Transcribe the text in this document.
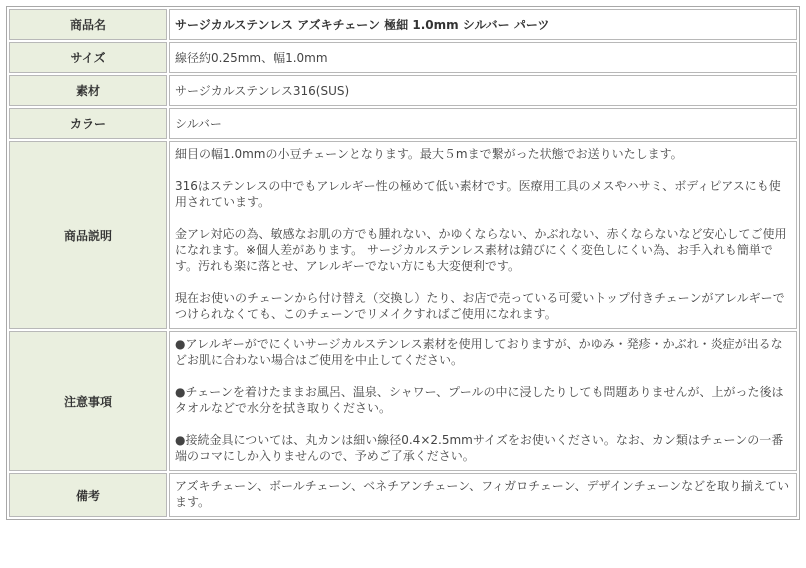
商品名	サージカルステンレス アズキチェーン 極細 1.0mm シルバー パーツ
サイズ	線径約0.25mm、幅1.0mm
素材	サージカルステンレス316(SUS)
カラー	シルバー
商品説明	細目の幅1.0mmの小豆チェーンとなります。最大５mまで繋がった状態でお送りいたします。

316はステンレスの中でもアレルギー性の極めて低い素材です。医療用工具のメスやハサミ、ボディピアスにも使用されています。

金アレ対応の為、敏感なお肌の方でも腫れない、かゆくならない、かぶれない、赤くならないなど安心してご使用になれます。※個人差があります。 サージカルステンレス素材は錆びにくく変色しにくい為、お手入れも簡単です。汚れも楽に落とせ、アレルギーでない方にも大変便利です。

現在お使いのチェーンから付け替え（交換し）たり、お店で売っている可愛いトップ付きチェーンがアレルギーでつけられなくても、このチェーンでリメイクすればご使用になれます。

注意事項	●アレルギーがでにくいサージカルステンレス素材を使用しておりますが、かゆみ・発疹・かぶれ・炎症が出るなどお肌に合わない場合はご使用を中止してください。

●チェーンを着けたままお風呂、温泉、シャワー、プールの中に浸したりしても問題ありませんが、上がった後はタオルなどで水分を拭き取りください。

●接続金具については、丸カンは細い線径0.4×2.5mmサイズをお使いください。なお、カン類はチェーンの一番端のコマにしか入りませんので、予めご了承ください。

備考	アズキチェーン、ボールチェーン、ベネチアンチェーン、フィガロチェーン、デザインチェーンなどを取り揃えています。
